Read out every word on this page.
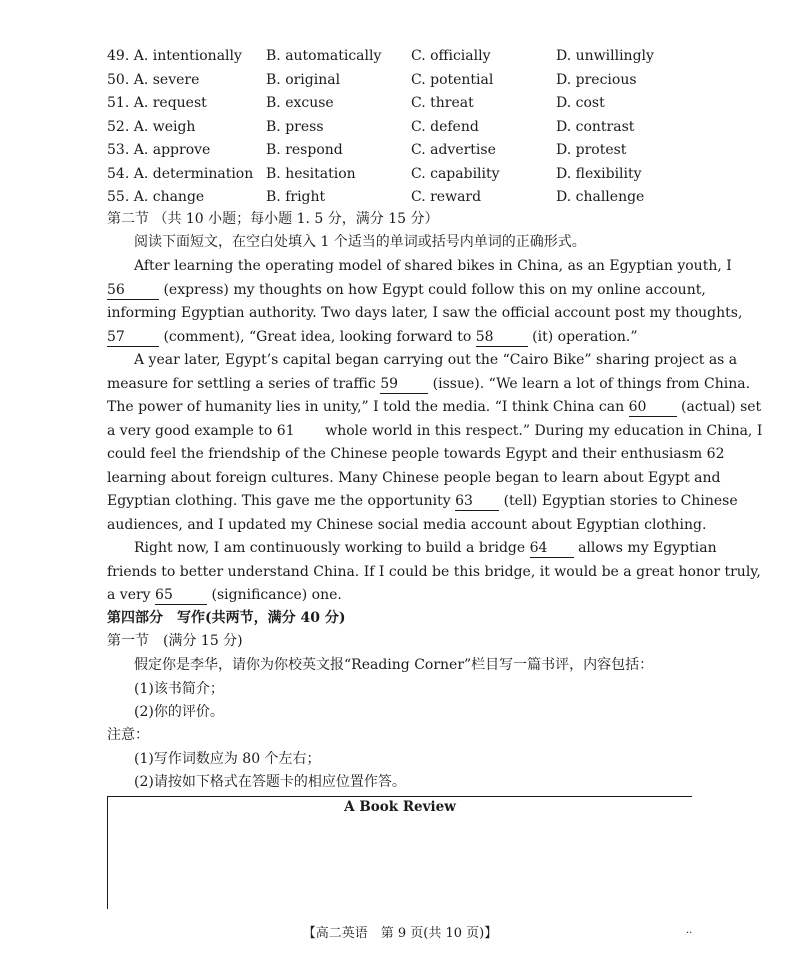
49. A. intentionally	B. automatically	C. officially	D. unwillingly
50. A. severe	B. original	C. potential	D. precious
51. A. request	B. excuse	C. threat	D. cost
52. A. weigh	B. press	C. defend	D. contrast
53. A. approve	B. respond	C. advertise	D. protest
54. A. determination B. hesitation	C. capability	D. flexibility
55. A. change	B. fright	C. reward	D. challenge
第二节 （共 10 小题；每小题 1. 5 分，满分 15 分）
阅读下面短文，在空白处填入 1 个适当的单词或括号内单词的正确形式。
After learning the operating model of shared bikes in China, as an Egyptian youth, I
56	(express) my thoughts on how Egypt could follow this on my online account,
informing Egyptian authority. Two days later, I saw the official account post my thoughts,
57	(comment), “Great idea, looking forward to 58	(it) operation.”
A year later, Egypt’s capital began carrying out the “Cairo Bike” sharing project as a
measure for settling a series of traffic 59 (issue). “We learn a lot of things from China.
The power of humanity lies in unity,” I told the media. “I think China can 60 (actual) set
a very good example to 61 whole world in this respect.” During my education in China, I
could feel the friendship of the Chinese people towards Egypt and their enthusiasm 62
learning about foreign cultures. Many Chinese people began to learn about Egypt and
Egyptian clothing. This gave me the opportunity 63 (tell) Egyptian stories to Chinese
audiences, and I updated my Chinese social media account about Egyptian clothing.
Right now, I am continuously working to build a bridge 64 allows my Egyptian
friends to better understand China. If I could be this bridge, it would be a great honor truly,
a very 65	(significance) one.
第四部分　写作(共两节，满分 40 分)
第一节　(满分 15 分)
假定你是李华，请你为你校英文报“Reading Corner”栏目写一篇书评，内容包括：
(1)该书简介；
(2)你的评价。
注意：
(1)写作词数应为 80 个左右；
(2)请按如下格式在答题卡的相应位置作答。
A Book Review
【高二英语　第 9 页(共 10 页)】	··
